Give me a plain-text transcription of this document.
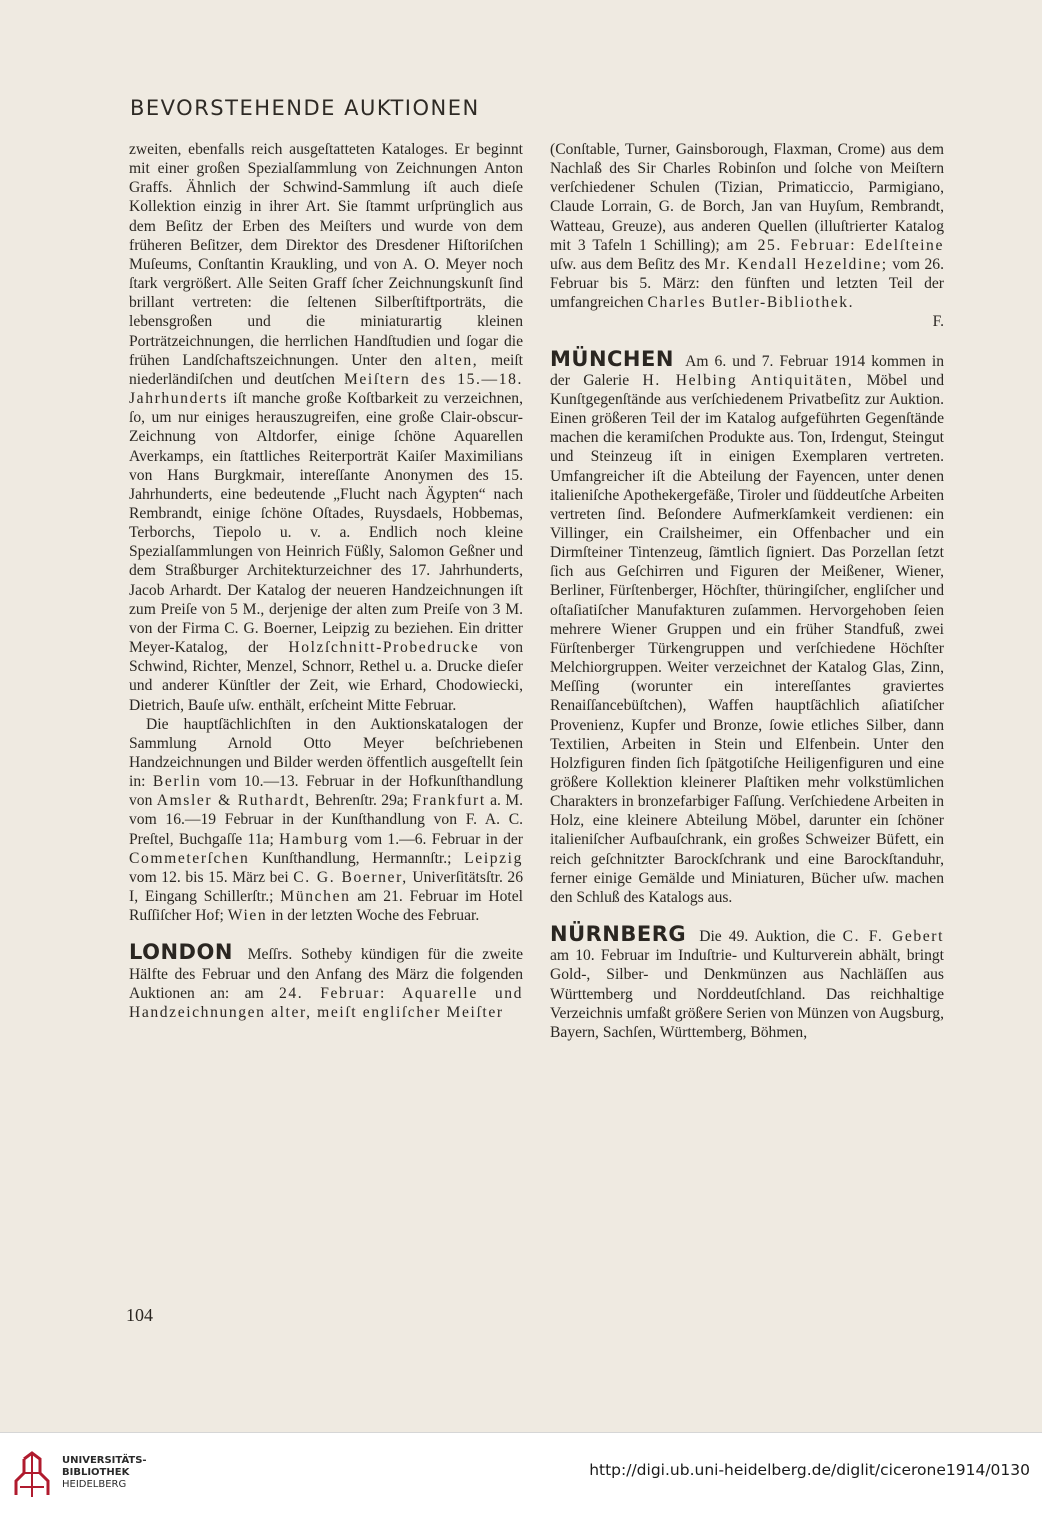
BEVORSTEHENDE AUKTIONEN

zweiten, ebenfalls reich ausgeſtatteten Kataloges. Er beginnt mit einer großen Spezialſammlung von Zeichnungen Anton Graffs. Ähnlich der Schwind-Sammlung iſt auch dieſe Kollektion einzig in ihrer Art. Sie ſtammt urſprünglich aus dem Beſitz der Erben des Meiſters und wurde von dem früheren Beſitzer, dem Direktor des Dresdener Hiſtoriſchen Muſeums, Conſtantin Kraukling, und von A. O. Meyer noch ſtark vergrößert. Alle Seiten Graff ſcher Zeichnungskunſt ſind brillant vertreten: die ſeltenen Silberſtiftporträts, die lebensgroßen und die miniaturartig kleinen Porträtzeichnungen, die herrlichen Handſtudien und ſogar die frühen Landſchaftszeichnungen. Unter den alten, meiſt niederländiſchen und deutſchen Meiſtern des 15.—18. Jahrhunderts iſt manche große Koſtbarkeit zu verzeichnen, ſo, um nur einiges herauszugreifen, eine große Clair-obscur-Zeichnung von Altdorfer, einige ſchöne Aquarellen Averkamps, ein ſtattliches Reiterporträt Kaiſer Maximilians von Hans Burgkmair, intereſſante Anonymen des 15. Jahrhunderts, eine bedeutende „Flucht nach Ägypten“ nach Rembrandt, einige ſchöne Oſtades, Ruysdaels, Hobbemas, Terborchs, Tiepolo u. v. a. Endlich noch kleine Spezialſammlungen von Heinrich Füßly, Salomon Geßner und dem Straßburger Architekturzeichner des 17. Jahrhunderts, Jacob Arhardt. Der Katalog der neueren Handzeichnungen iſt zum Preiſe von 5 M., derjenige der alten zum Preiſe von 3 M. von der Firma C. G. Boerner, Leipzig zu beziehen. Ein dritter Meyer-Katalog, der Holzſchnitt-Probedrucke von Schwind, Richter, Menzel, Schnorr, Rethel u. a. Drucke dieſer und anderer Künſtler der Zeit, wie Erhard, Chodowiecki, Dietrich, Bauſe uſw. enthält, erſcheint Mitte Februar.

Die hauptſächlichſten in den Auktionskatalogen der Sammlung Arnold Otto Meyer beſchriebenen Handzeichnungen und Bilder werden öffentlich ausgeſtellt ſein in: Berlin vom 10.—13. Februar in der Hofkunſthandlung von Amsler & Ruthardt, Behrenſtr. 29a; Frankfurt a. M. vom 16.—19 Februar in der Kunſthandlung von F. A. C. Preſtel, Buchgaſſe 11a; Hamburg vom 1.—6. Februar in der Commeterſchen Kunſthandlung, Hermannſtr.; Leipzig vom 12. bis 15. März bei C. G. Boerner, Univerſitätsſtr. 26 I, Eingang Schillerſtr.; München am 21. Februar im Hotel Ruſſiſcher Hof; Wien in der letzten Woche des Februar.

LONDON Meſſrs. Sotheby kündigen für die zweite Hälfte des Februar und den Anfang des März die folgenden Auktionen an: am 24. Februar: Aquarelle und Handzeichnungen alter, meiſt engliſcher Meiſter

(Conſtable, Turner, Gainsborough, Flaxman, Crome) aus dem Nachlaß des Sir Charles Robinſon und ſolche von Meiſtern verſchiedener Schulen (Tizian, Primaticcio, Parmigiano, Claude Lorrain, G. de Borch, Jan van Huyſum, Rembrandt, Watteau, Greuze), aus anderen Quellen (illuſtrierter Katalog mit 3 Tafeln 1 Schilling); am 25. Februar: Edelſteine uſw. aus dem Beſitz des Mr. Kendall Hezeldine; vom 26. Februar bis 5. März: den fünften und letzten Teil der umfangreichen Charles Butler-Bibliothek.
F.

MÜNCHEN Am 6. und 7. Februar 1914 kommen in der Galerie H. Helbing Antiquitäten, Möbel und Kunſtgegenſtände aus verſchiedenem Privatbeſitz zur Auktion. Einen größeren Teil der im Katalog aufgeführten Gegenſtände machen die keramiſchen Produkte aus. Ton, Irdengut, Steingut und Steinzeug iſt in einigen Exemplaren vertreten. Umfangreicher iſt die Abteilung der Fayencen, unter denen italieniſche Apothekergefäße, Tiroler und ſüddeutſche Arbeiten vertreten ſind. Beſondere Aufmerkſamkeit verdienen: ein Villinger, ein Crailsheimer, ein Offenbacher und ein Dirmſteiner Tintenzeug, ſämtlich ſigniert. Das Porzellan ſetzt ſich aus Geſchirren und Figuren der Meißener, Wiener, Berliner, Fürſtenberger, Höchſter, thüringiſcher, engliſcher und oſtaſiatiſcher Manufakturen zuſammen. Hervorgehoben ſeien mehrere Wiener Gruppen und ein früher Standfuß, zwei Fürſtenberger Türkengruppen und verſchiedene Höchſter Melchiorgruppen. Weiter verzeichnet der Katalog Glas, Zinn, Meſſing (worunter ein intereſſantes graviertes Renaiſſancebüſtchen), Waffen hauptſächlich aſiatiſcher Provenienz, Kupfer und Bronze, ſowie etliches Silber, dann Textilien, Arbeiten in Stein und Elfenbein. Unter den Holzfiguren finden ſich ſpätgotiſche Heiligenfiguren und eine größere Kollektion kleinerer Plaſtiken mehr volkstümlichen Charakters in bronzefarbiger Faſſung. Verſchiedene Arbeiten in Holz, eine kleinere Abteilung Möbel, darunter ein ſchöner italieniſcher Aufbauſchrank, ein großes Schweizer Büfett, ein reich geſchnitzter Barockſchrank und eine Barockſtanduhr, ferner einige Gemälde und Miniaturen, Bücher uſw. machen den Schluß des Katalogs aus.

NÜRNBERG Die 49. Auktion, die C. F. Gebert am 10. Februar im Induſtrie- und Kulturverein abhält, bringt Gold-, Silber- und Denkmünzen aus Nachläſſen aus Württemberg und Norddeutſchland. Das reichhaltige Verzeichnis umfaßt größere Serien von Münzen von Augsburg, Bayern, Sachſen, Württemberg, Böhmen,

104
UNIVERSITÄTS-
BIBLIOTHEK
HEIDELBERG
http://digi.ub.uni-heidelberg.de/diglit/cicerone1914/0130
